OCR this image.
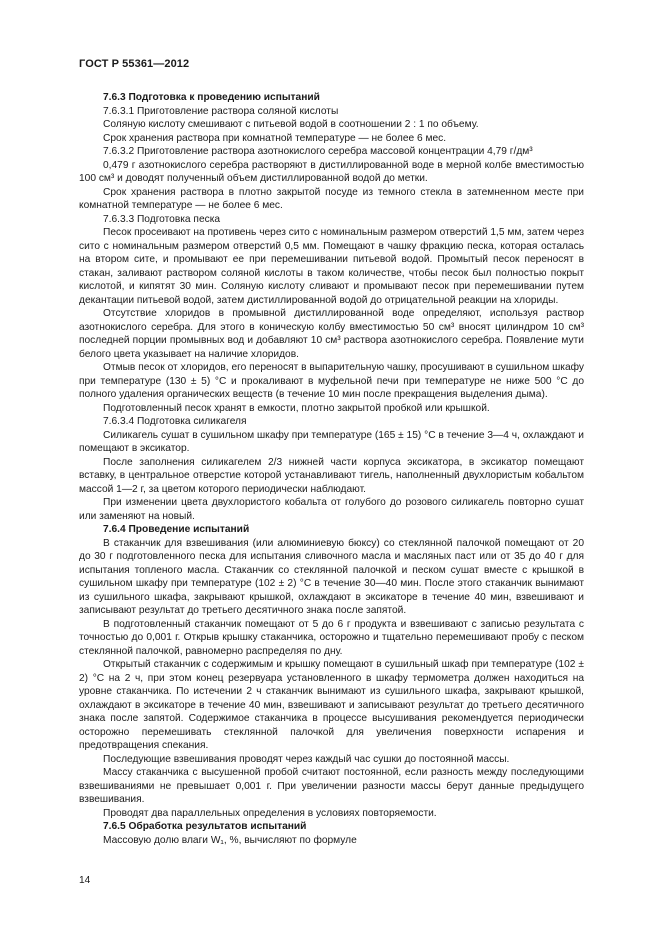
ГОСТ Р 55361—2012

7.6.3 Подготовка к проведению испытаний

7.6.3.1 Приготовление раствора соляной кислоты

Соляную кислоту смешивают с питьевой водой в соотношении 2 : 1 по объему.

Срок хранения раствора при комнатной температуре — не более 6 мес.

7.6.3.2 Приготовление раствора азотнокислого серебра массовой концентрации 4,79 г/дм³

0,479 г азотнокислого серебра растворяют в дистиллированной воде в мерной колбе вместимостью 100 см³ и доводят полученный объем дистиллированной водой до метки.

Срок хранения раствора в плотно закрытой посуде из темного стекла в затемненном месте при комнатной температуре — не более 6 мес.

7.6.3.3 Подготовка песка

Песок просеивают на противень через сито с номинальным размером отверстий 1,5 мм, затем через сито с номинальным размером отверстий 0,5 мм. Помещают в чашку фракцию песка, которая осталась на втором сите, и промывают ее при перемешивании питьевой водой. Промытый песок переносят в стакан, заливают раствором соляной кислоты в таком количестве, чтобы песок был полностью покрыт кислотой, и кипятят 30 мин. Соляную кислоту сливают и промывают песок при перемешивании путем декантации питьевой водой, затем дистиллированной водой до отрицательной реакции на хлориды.

Отсутствие хлоридов в промывной дистиллированной воде определяют, используя раствор азотнокислого серебра. Для этого в коническую колбу вместимостью 50 см³ вносят цилиндром 10 см³ последней порции промывных вод и добавляют 10 см³ раствора азотнокислого серебра. Появление мути белого цвета указывает на наличие хлоридов.

Отмыв песок от хлоридов, его переносят в выпарительную чашку, просушивают в сушильном шкафу при температуре (130 ± 5) °С и прокаливают в муфельной печи при температуре не ниже 500 °С до полного удаления органических веществ (в течение 10 мин после прекращения выделения дыма).

Подготовленный песок хранят в емкости, плотно закрытой пробкой или крышкой.

7.6.3.4 Подготовка силикагеля

Силикагель сушат в сушильном шкафу при температуре (165 ± 15) °С в течение 3—4 ч, охлаждают и помещают в эксикатор.

После заполнения силикагелем 2/3 нижней части корпуса эксикатора, в эксикатор помещают вставку, в центральное отверстие которой устанавливают тигель, наполненный двухлористым кобальтом массой 1—2 г, за цветом которого периодически наблюдают.

При изменении цвета двухлористого кобальта от голубого до розового силикагель повторно сушат или заменяют на новый.

7.6.4 Проведение испытаний

В стаканчик для взвешивания (или алюминиевую бюксу) со стеклянной палочкой помещают от 20 до 30 г подготовленного песка для испытания сливочного масла и масляных паст или от 35 до 40 г для испытания топленого масла. Стаканчик со стеклянной палочкой и песком сушат вместе с крышкой в сушильном шкафу при температуре (102 ± 2) °С в течение 30—40 мин. После этого стаканчик вынимают из сушильного шкафа, закрывают крышкой, охлаждают в эксикаторе в течение 40 мин, взвешивают и записывают результат до третьего десятичного знака после запятой.

В подготовленный стаканчик помещают от 5 до 6 г продукта и взвешивают с записью результата с точностью до 0,001 г. Открыв крышку стаканчика, осторожно и тщательно перемешивают пробу с песком стеклянной палочкой, равномерно распределяя по дну.

Открытый стаканчик с содержимым и крышку помещают в сушильный шкаф при температуре (102 ± 2) °С на 2 ч, при этом конец резервуара установленного в шкафу термометра должен находиться на уровне стаканчика. По истечении 2 ч стаканчик вынимают из сушильного шкафа, закрывают крышкой, охлаждают в эксикаторе в течение 40 мин, взвешивают и записывают результат до третьего десятичного знака после запятой. Содержимое стаканчика в процессе высушивания рекомендуется периодически осторожно перемешивать стеклянной палочкой для увеличения поверхности испарения и предотвращения спекания.

Последующие взвешивания проводят через каждый час сушки до постоянной массы.

Массу стаканчика с высушенной пробой считают постоянной, если разность между последующими взвешиваниями не превышает 0,001 г. При увеличении разности массы берут данные предыдущего взвешивания.

Проводят два параллельных определения в условиях повторяемости.

7.6.5 Обработка результатов испытаний

Массовую долю влаги W₁, %, вычисляют по формуле

14
